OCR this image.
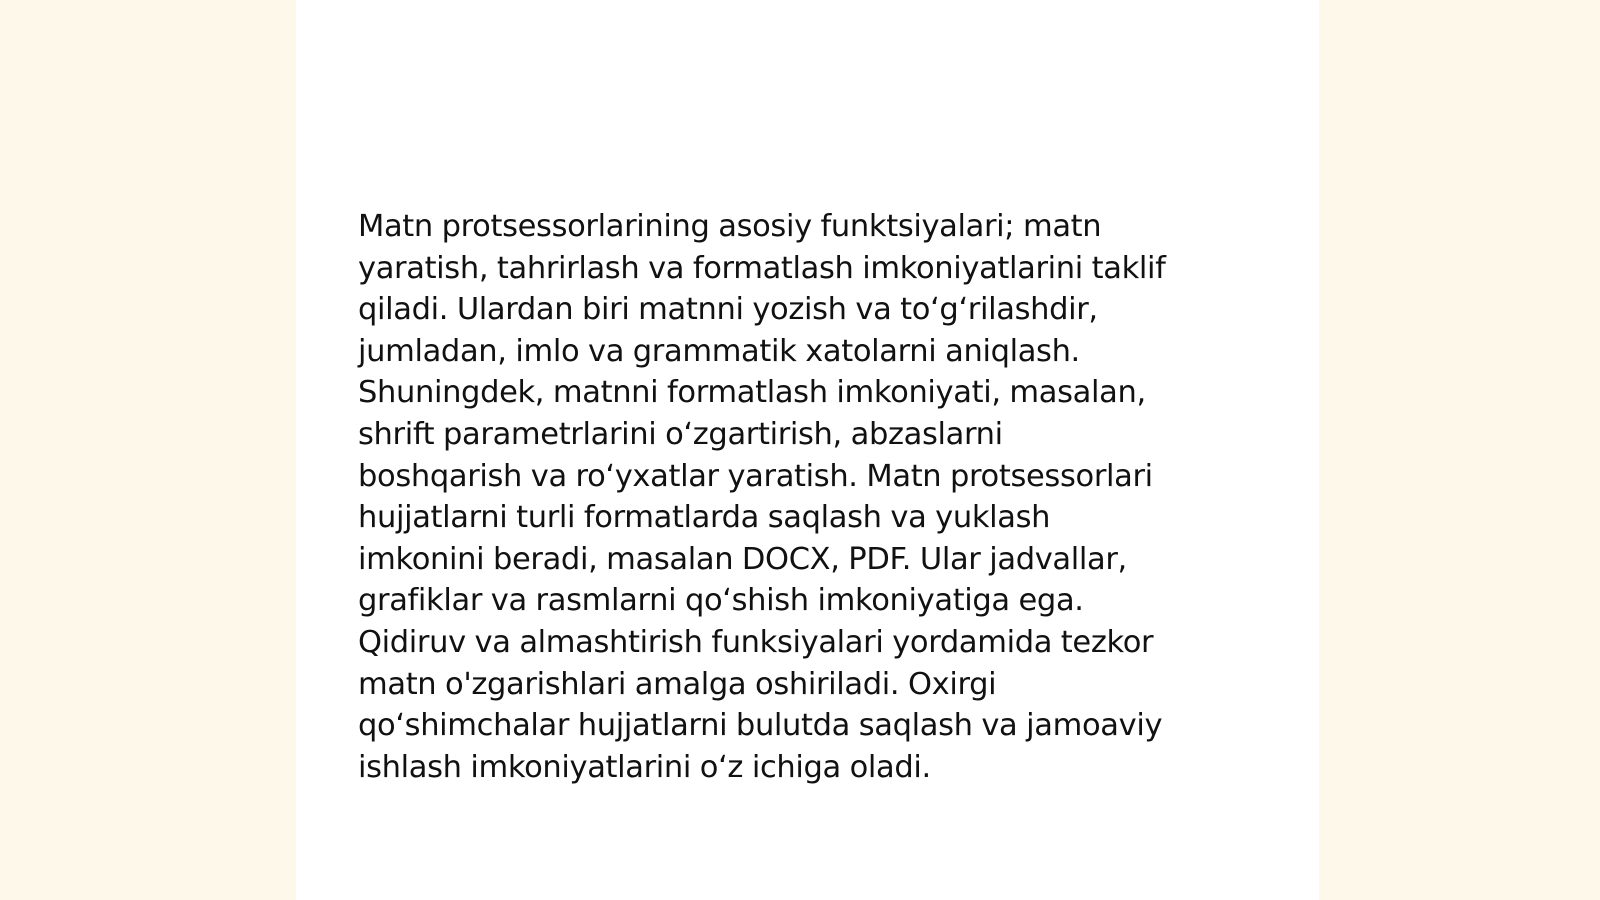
Matn protsessorlarining asosiy funktsiyalari; matn
yaratish, tahrirlash va formatlash imkoniyatlarini taklif
qiladi. Ulardan biri matnni yozish va to‘g‘rilashdir,
jumladan, imlo va grammatik xatolarni aniqlash.
Shuningdek, matnni formatlash imkoniyati, masalan,
shrift parametrlarini o‘zgartirish, abzaslarni
boshqarish va ro‘yxatlar yaratish. Matn protsessorlari
hujjatlarni turli formatlarda saqlash va yuklash
imkonini beradi, masalan DOCX, PDF. Ular jadvallar,
grafiklar va rasmlarni qo‘shish imkoniyatiga ega.
Qidiruv va almashtirish funksiyalari yordamida tezkor
matn o'zgarishlari amalga oshiriladi. Oxirgi
qo‘shimchalar hujjatlarni bulutda saqlash va jamoaviy
ishlash imkoniyatlarini o‘z ichiga oladi.
